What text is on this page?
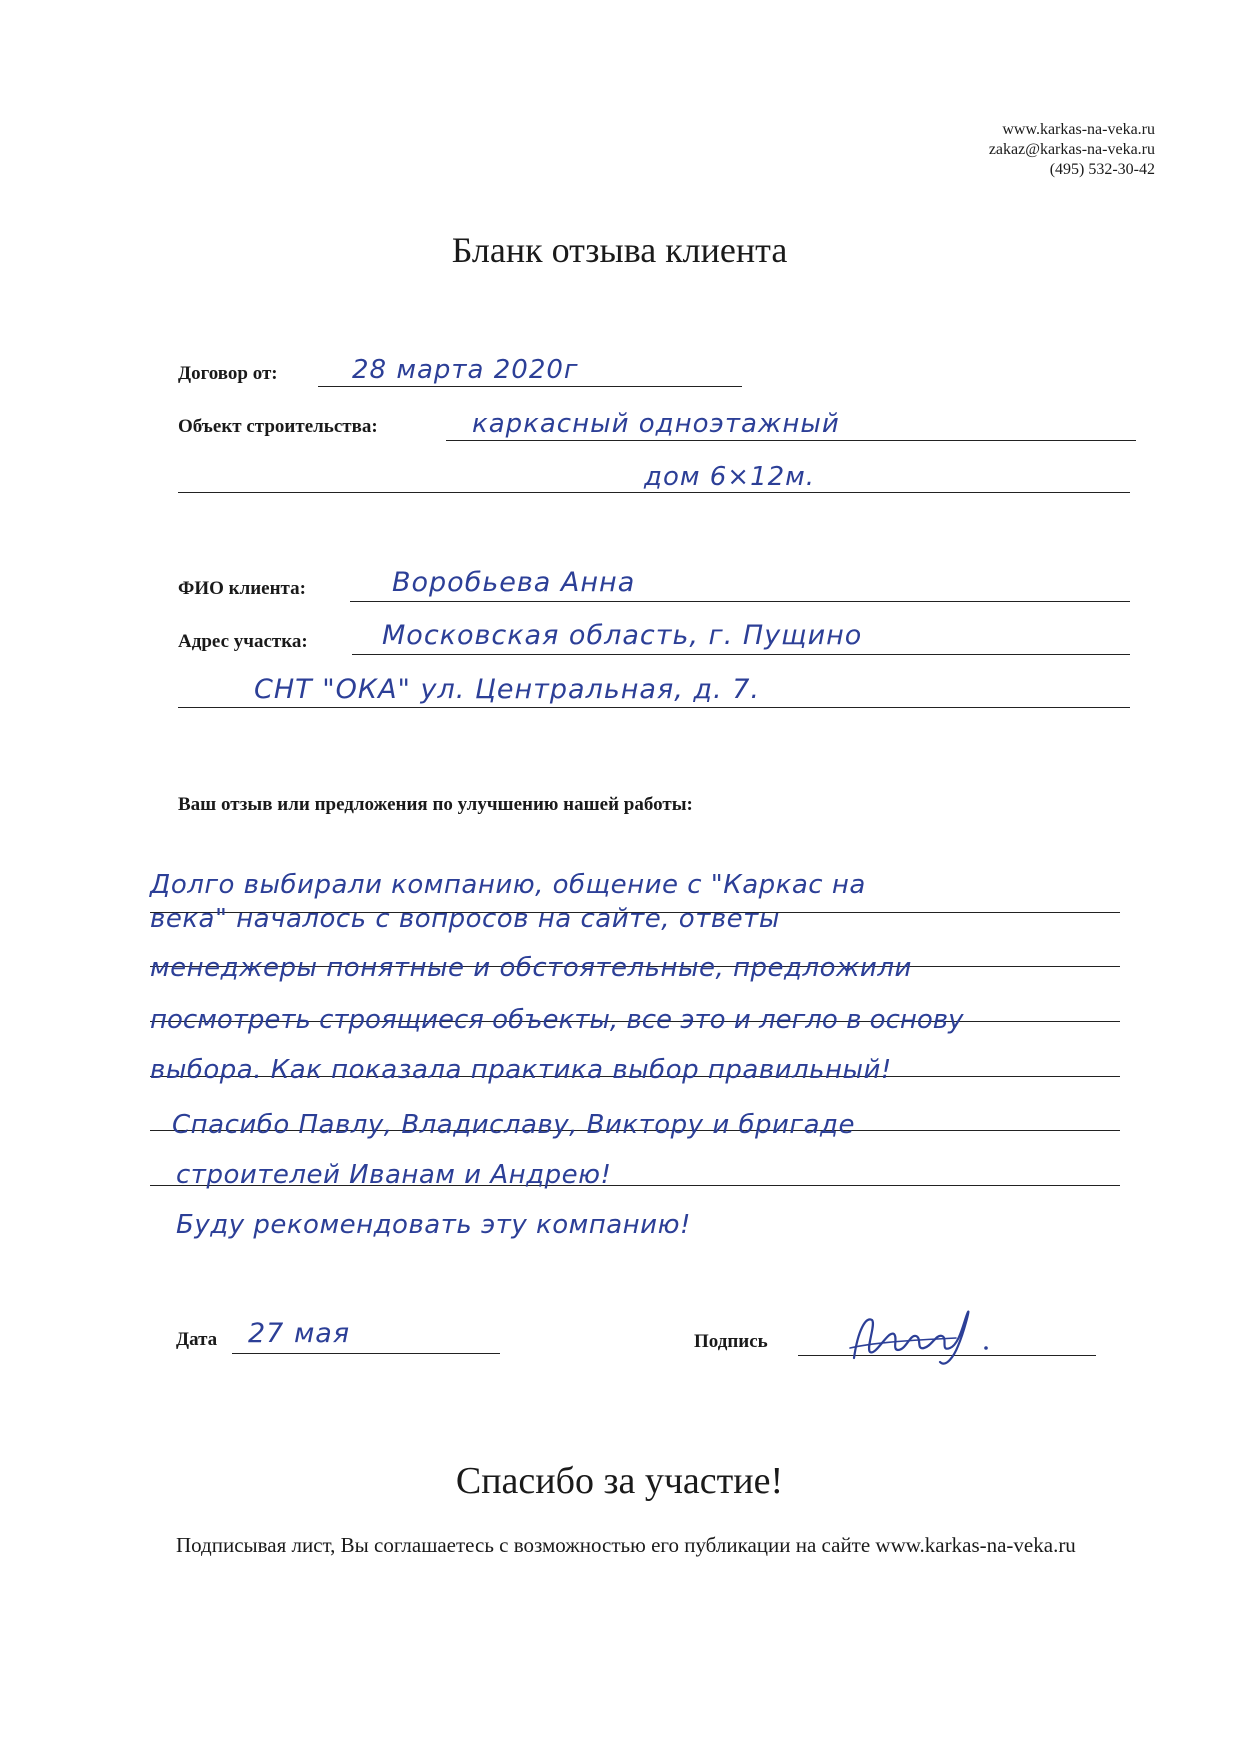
www.karkas-na-veka.ru
zakaz@karkas-na-veka.ru
(495) 532-30-42
Бланк отзыва клиента
Договор от:	28 марта 2020г
Объект строительства:	каркасный одноэтажный
дом 6×12м.
ФИО клиента:	Воробьева Анна
Адрес участка:	Московская область, г. Пущино
СНТ "ОКА" ул. Центральная, д. 7.
Ваш отзыв или предложения по улучшению нашей работы:
Долго выбирали компанию, общение с "Каркас на
века" началось с вопросов на сайте, ответы
менеджеры понятные и обстоятельные, предложили
посмотреть строящиеся объекты, все это и легло в основу
выбора. Как показала практика выбор правильный!
Спасибо Павлу, Владиславу, Виктору и бригаде
строителей Иванам и Андрею!
Буду рекомендовать эту компанию!
Дата 27 мая	Подпись
Спасибо за участие!
Подписывая лист, Вы соглашаетесь с возможностью его публикации на сайте www.karkas-na-veka.ru
